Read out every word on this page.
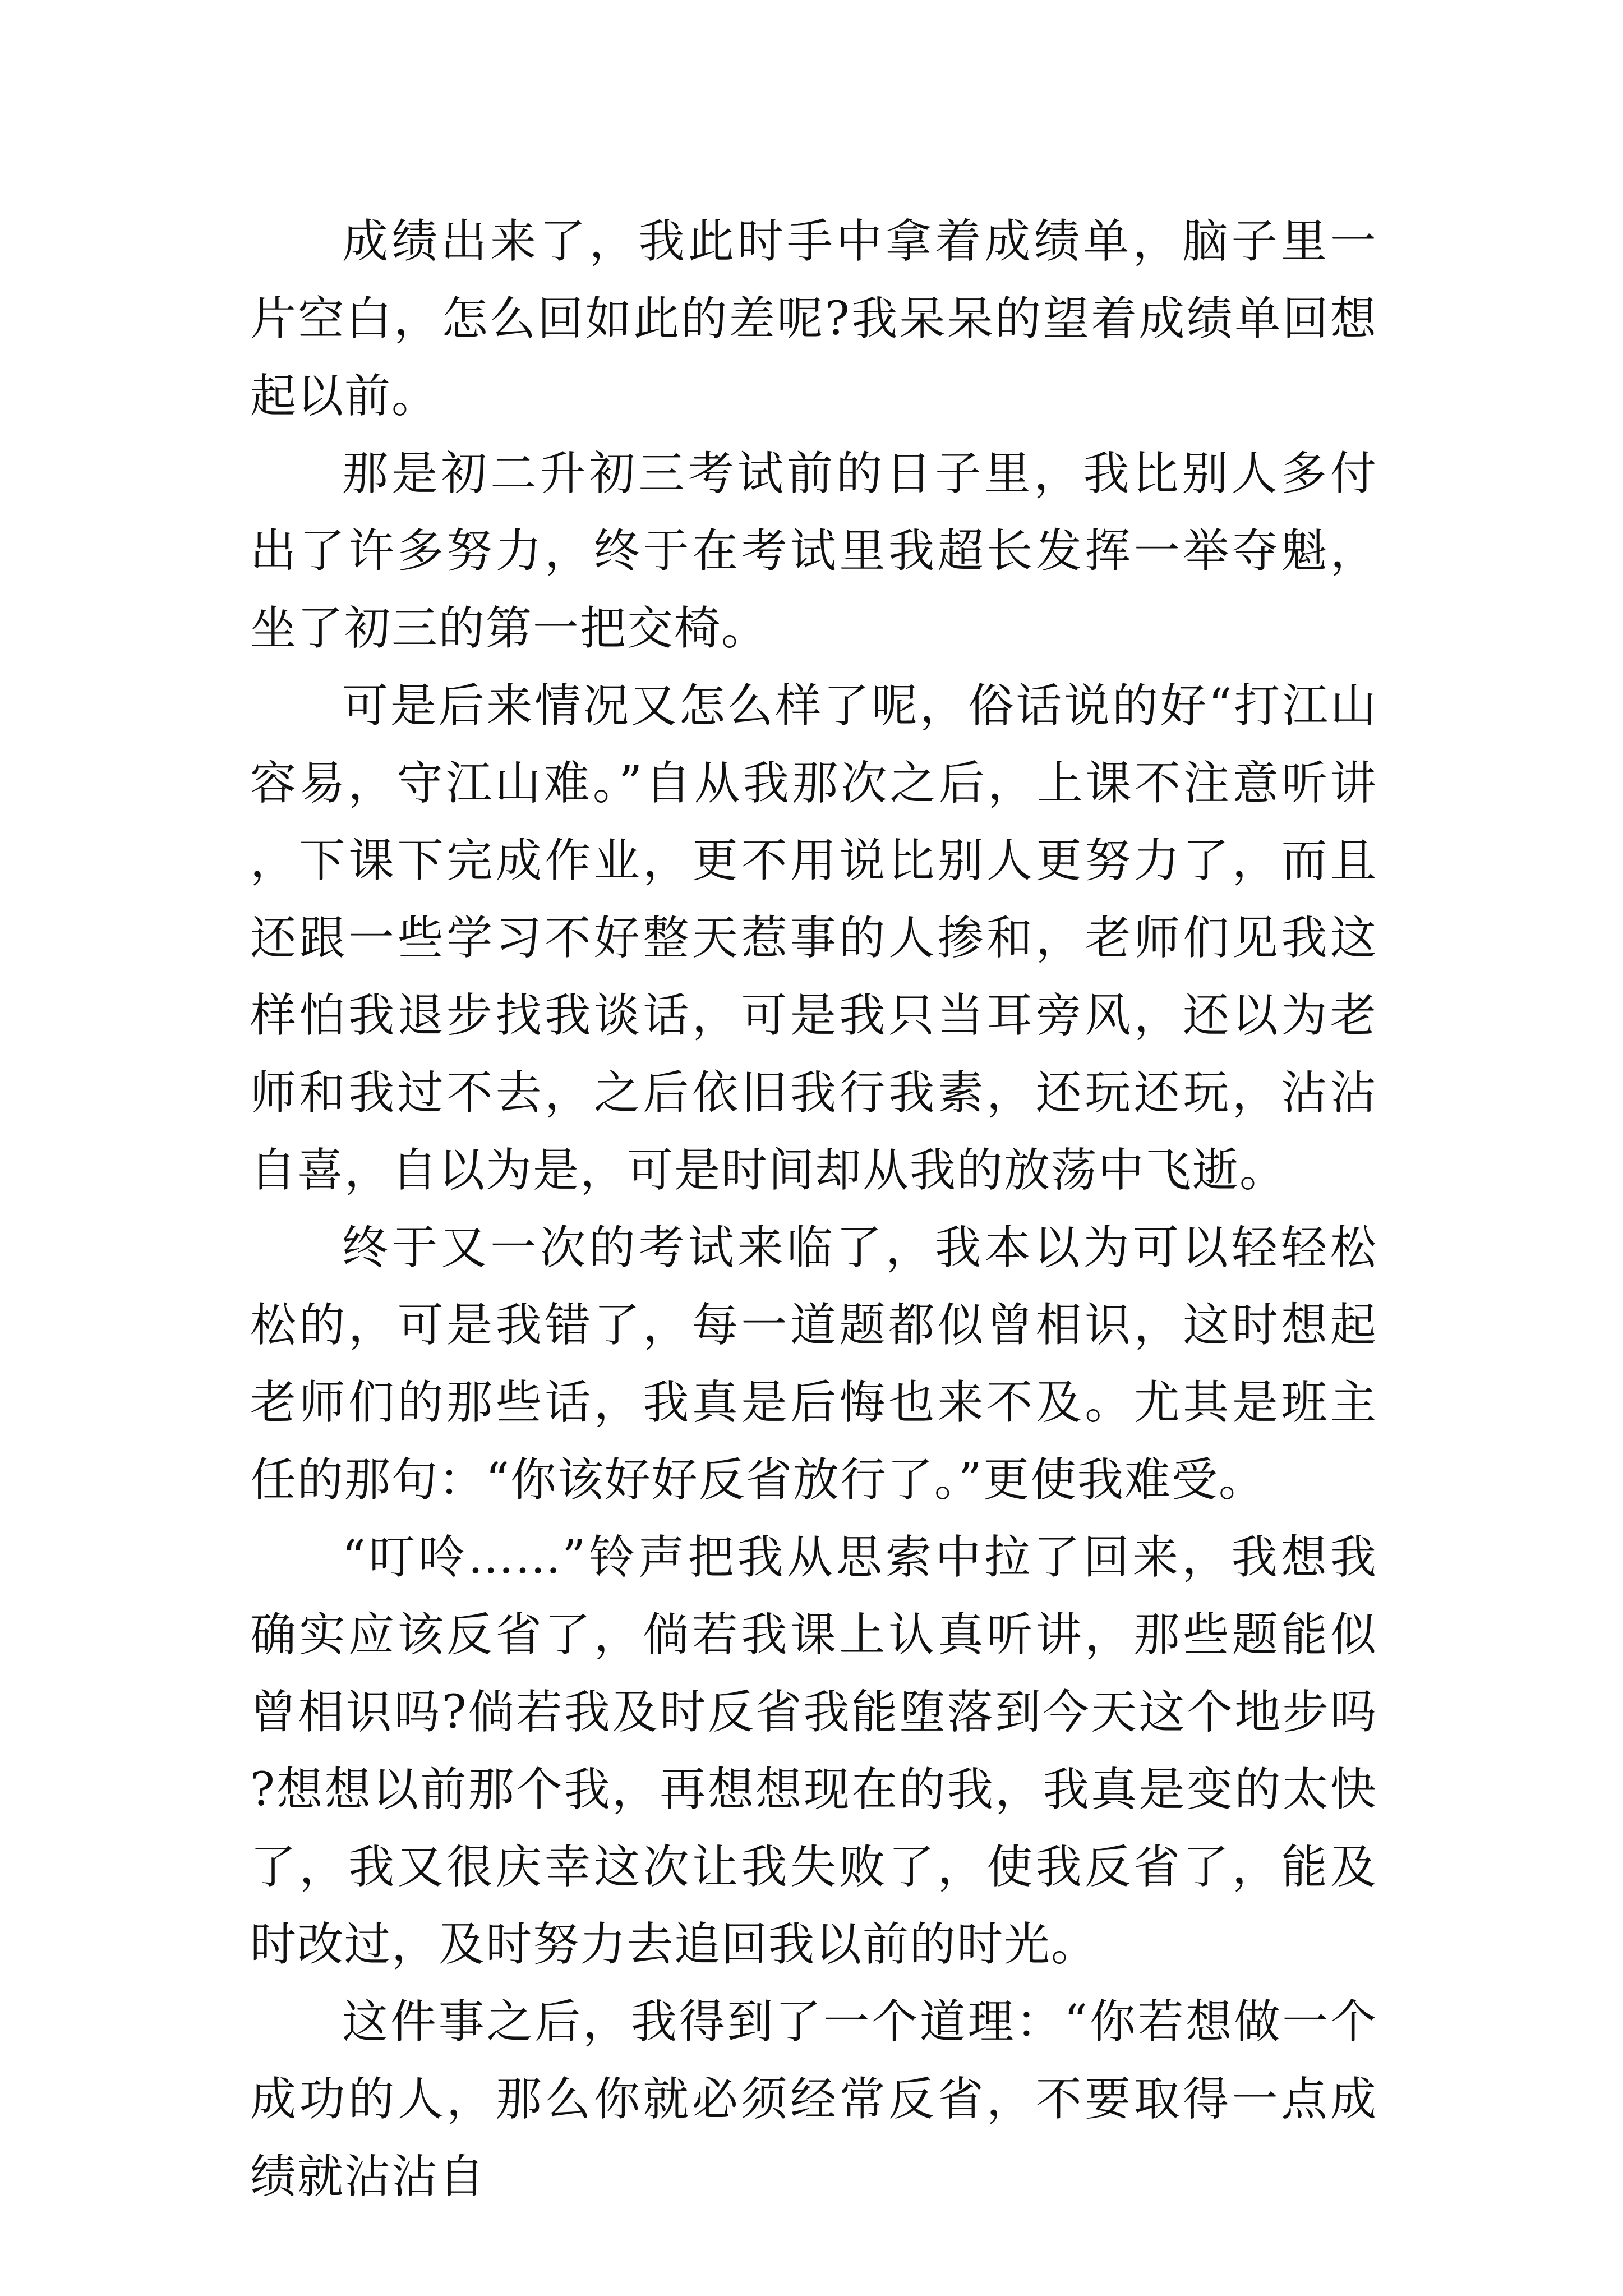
成绩出来了，我此时手中拿着成绩单，脑子里一片空白，怎么回如此的差呢?我呆呆的望着成绩单回想起以前。

那是初二升初三考试前的日子里，我比别人多付出了许多努力，终于在考试里我超长发挥一举夺魁，坐了初三的第一把交椅。

可是后来情况又怎么样了呢，俗话说的好“打江山容易，守江山难。”自从我那次之后，上课不注意听讲，下课下完成作业，更不用说比别人更努力了，而且还跟一些学习不好整天惹事的人掺和，老师们见我这样怕我退步找我谈话，可是我只当耳旁风，还以为老师和我过不去，之后依旧我行我素，还玩还玩，沾沾自喜，自以为是，可是时间却从我的放荡中飞逝。

终于又一次的考试来临了，我本以为可以轻轻松松的，可是我错了，每一道题都似曾相识，这时想起老师们的那些话，我真是后悔也来不及。尤其是班主任的那句：“你该好好反省放行了。”更使我难受。

“叮呤……”铃声把我从思索中拉了回来，我想我确实应该反省了，倘若我课上认真听讲，那些题能似曾相识吗?倘若我及时反省我能堕落到今天这个地步吗?想想以前那个我，再想想现在的我，我真是变的太快了，我又很庆幸这次让我失败了，使我反省了，能及时改过，及时努力去追回我以前的时光。

这件事之后，我得到了一个道理：“你若想做一个成功的人，那么你就必须经常反省，不要取得一点成绩就沾沾自
